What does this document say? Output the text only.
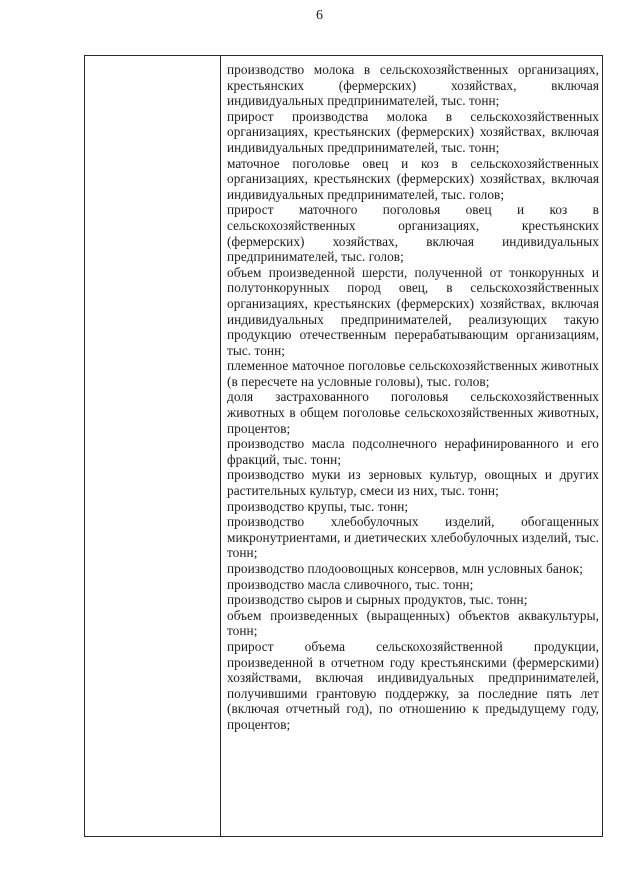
6

производство молока в сельскохозяйственных организациях, крестьянских (фермерских) хозяйствах, включая индивидуальных предпринимателей, тыс. тонн;

прирост производства молока в сельскохозяйственных организациях, крестьянских (фермерских) хозяйствах, включая индивидуальных предпринимателей, тыс. тонн;

маточное поголовье овец и коз в сельскохозяйственных организациях, крестьянских (фермерских) хозяйствах, включая индивидуальных предпринимателей, тыс. голов;

прирост маточного поголовья овец и коз в сельскохозяйственных организациях, крестьянских (фермерских) хозяйствах, включая индивидуальных предпринимателей, тыс. голов;

объем произведенной шерсти, полученной от тонкорунных и полутонкорунных пород овец, в сельскохозяйственных организациях, крестьянских (фермерских) хозяйствах, включая индивидуальных предпринимателей, реализующих такую продукцию отечественным перерабатывающим организациям, тыс. тонн;

племенное маточное поголовье сельскохозяйственных животных (в пересчете на условные головы), тыс. голов;

доля застрахованного поголовья сельскохозяйственных животных в общем поголовье сельскохозяйственных животных, процентов;

производство масла подсолнечного нерафинированного и его фракций, тыс. тонн;

производство муки из зерновых культур, овощных и других растительных культур, смеси из них, тыс. тонн;

производство крупы, тыс. тонн;

производство хлебобулочных изделий, обогащенных микронутриентами, и диетических хлебобулочных изделий, тыс. тонн;

производство плодоовощных консервов, млн условных банок;

производство масла сливочного, тыс. тонн;

производство сыров и сырных продуктов, тыс. тонн;

объем произведенных (выращенных) объектов аквакультуры, тонн;

прирост объема сельскохозяйственной продукции, произведенной в отчетном году крестьянскими (фермерскими) хозяйствами, включая индивидуальных предпринимателей, получившими грантовую поддержку, за последние пять лет (включая отчетный год), по отношению к предыдущему году, процентов;
